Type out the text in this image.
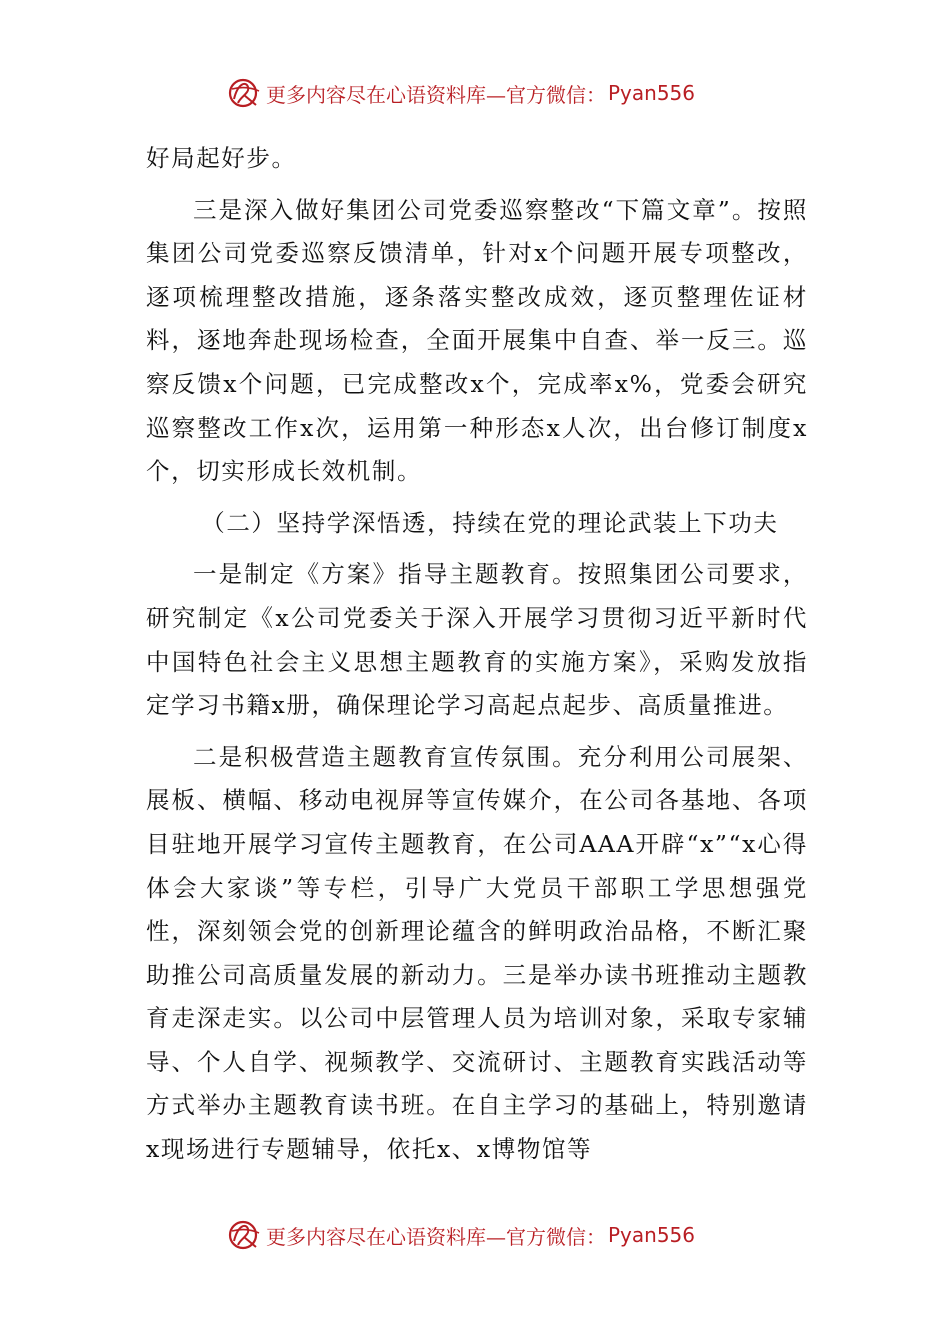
更多内容尽在心语资料库—官方微信： Pyan556

好局起好步。

三是深入做好集团公司党委巡察整改“下篇文章”。按照集团公司党委巡察反馈清单，针对x个问题开展专项整改，逐项梳理整改措施，逐条落实整改成效，逐页整理佐证材料，逐地奔赴现场检查，全面开展集中自查、举一反三。巡察反馈x个问题，已完成整改x个，完成率x%，党委会研究巡察整改工作x次，运用第一种形态x人次，出台修订制度x个，切实形成长效机制。

（二）坚持学深悟透，持续在党的理论武装上下功夫

一是制定《方案》指导主题教育。按照集团公司要求，研究制定《x公司党委关于深入开展学习贯彻习近平新时代中国特色社会主义思想主题教育的实施方案》，采购发放指定学习书籍x册，确保理论学习高起点起步、高质量推进。

二是积极营造主题教育宣传氛围。充分利用公司展架、展板、横幅、移动电视屏等宣传媒介，在公司各基地、各项目驻地开展学习宣传主题教育，在公司AAA开辟“x”“x心得体会大家谈”等专栏，引导广大党员干部职工学思想强党性，深刻领会党的创新理论蕴含的鲜明政治品格，不断汇聚助推公司高质量发展的新动力。三是举办读书班推动主题教育走深走实。以公司中层管理人员为培训对象，采取专家辅导、个人自学、视频教学、交流研讨、主题教育实践活动等方式举办主题教育读书班。在自主学习的基础上，特别邀请x现场进行专题辅导，依托x、x博物馆等

更多内容尽在心语资料库—官方微信： Pyan556
